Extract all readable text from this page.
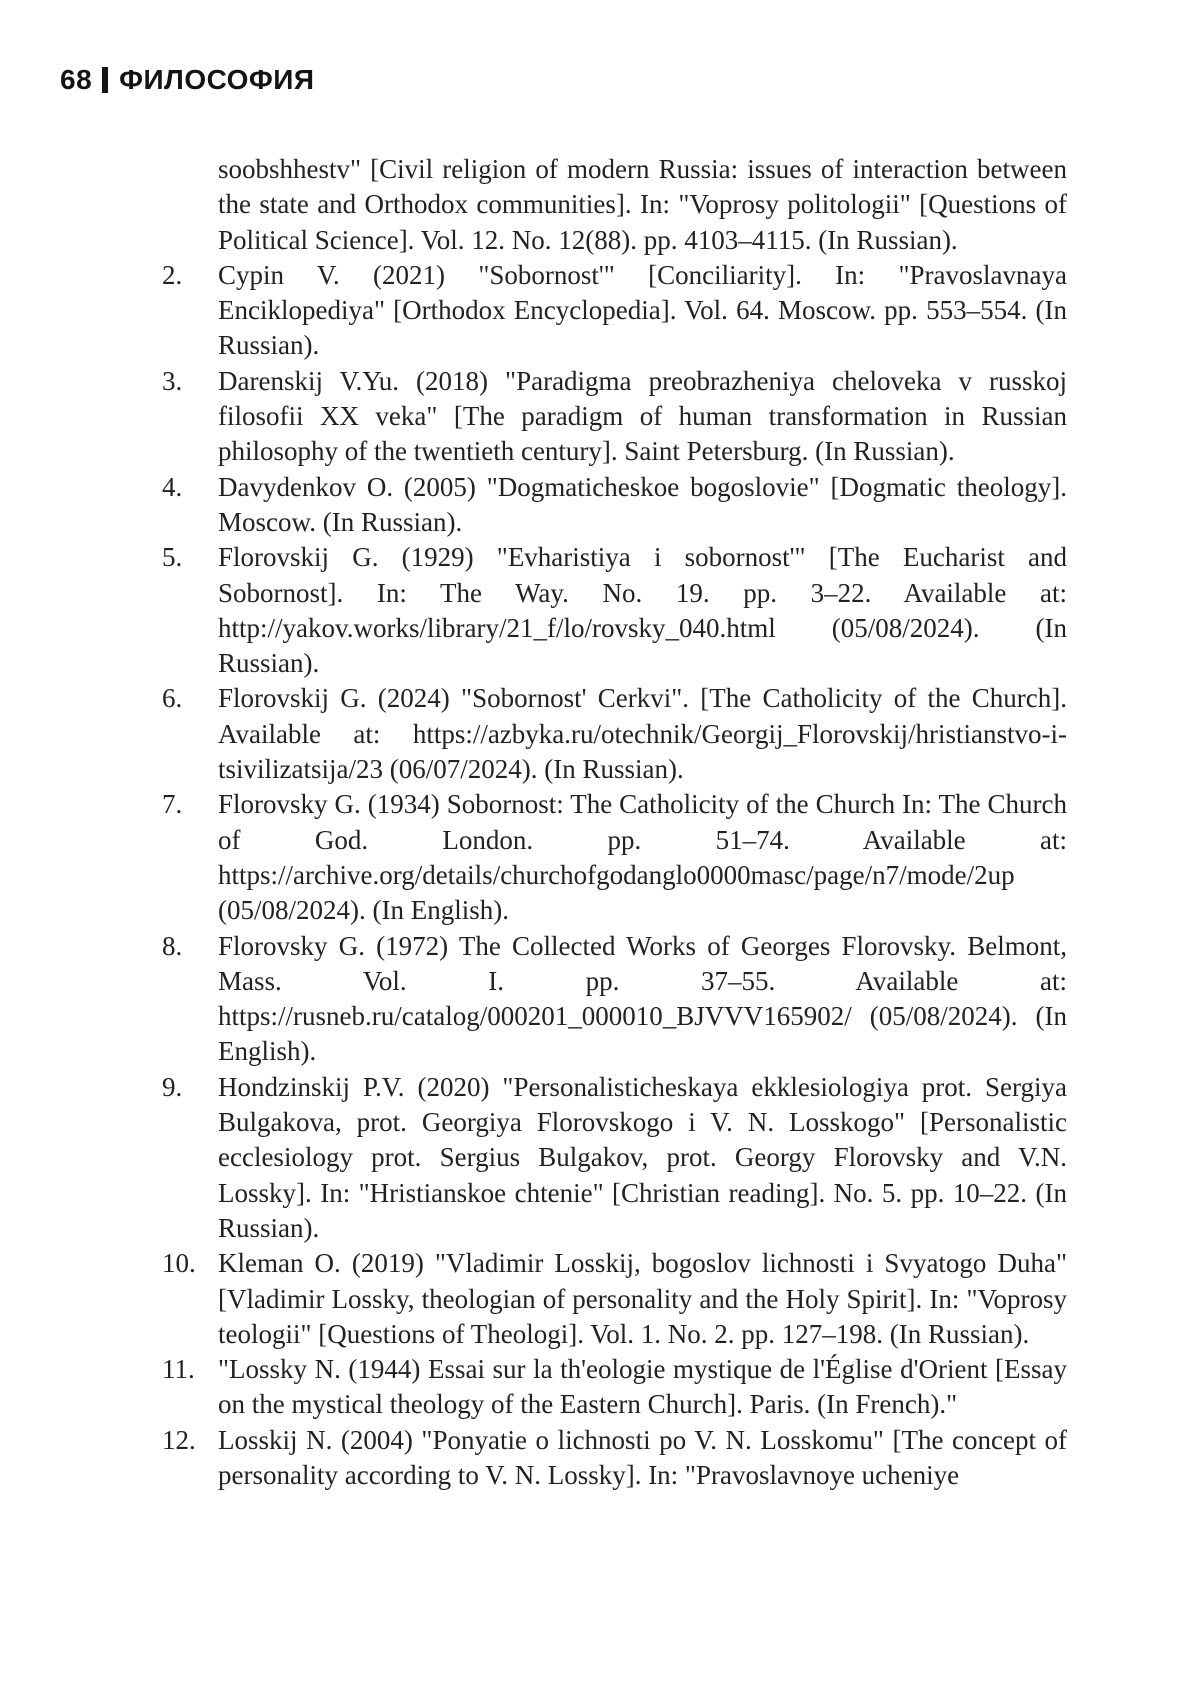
68 ФИЛОСОФИЯ
soobshhestv" [Civil religion of modern Russia: issues of interaction between the state and Orthodox communities]. In: "Voprosy politologii" [Questions of Political Science]. Vol. 12. No. 12(88). pp. 4103–4115. (In Russian).
2.	Cypin V. (2021) "Sobornost'" [Conciliarity]. In: "Pravoslavnaya Enciklopediya" [Orthodox Encyclopedia]. Vol. 64. Moscow. pp. 553–554. (In Russian).
3.	Darenskij V.Yu. (2018) "Paradigma preobrazheniya cheloveka v russkoj filosofii XX veka" [The paradigm of human transformation in Russian philosophy of the twentieth century]. Saint Petersburg. (In Russian).
4.	Davydenkov O. (2005) "Dogmaticheskoe bogoslovie" [Dogmatic theology]. Moscow. (In Russian).
5.	Florovskij G. (1929) "Evharistiya i sobornost'" [The Eucharist and Sobornost]. In: The Way. No. 19. pp. 3–22. Available at: http://yakov.works/library/21_f/lo/rovsky_040.html (05/08/2024). (In Russian).
6.	Florovskij G. (2024) "Sobornost' Cerkvi". [The Catholicity of the Church]. Available at: https://azbyka.ru/otechnik/Georgij_Florovskij/hristianstvo-i-tsivilizatsija/23 (06/07/2024). (In Russian).
7.	Florovsky G. (1934) Sobornost: The Catholicity of the Church In: The Church of God. London. pp. 51–74. Available at: https://archive.org/details/churchofgodanglo0000masc/page/n7/mode/2up (05/08/2024). (In English).
8.	Florovsky G. (1972) The Collected Works of Georges Florovsky. Belmont, Mass. Vol. I. pp. 37–55. Available at: https://rusneb.ru/catalog/000201_000010_BJVVV165902/ (05/08/2024). (In English).
9.	Hondzinskij P.V. (2020) "Personalisticheskaya ekklesiologiya prot. Sergiya Bulgakova, prot. Georgiya Florovskogo i V. N. Losskogo" [Personalistic ecclesiology prot. Sergius Bulgakov, prot. Georgy Florovsky and V.N. Lossky]. In: "Hristianskoe chtenie" [Christian reading]. No. 5. pp. 10–22. (In Russian).
10. Kleman O. (2019) "Vladimir Losskij, bogoslov lichnosti i Svyatogo Duha" [Vladimir Lossky, theologian of personality and the Holy Spirit]. In: "Voprosy teologii" [Questions of Theologi]. Vol. 1. No. 2. pp. 127–198. (In Russian).
11. "Lossky N. (1944) Essai sur la th'eologie mystique de l'Église d'Orient [Essay on the mystical theology of the Eastern Church]. Paris. (In French)."
12. Losskij N. (2004) "Ponyatie o lichnosti po V. N. Losskomu" [The concept of personality according to V. N. Lossky]. In: "Pravoslavnoye ucheniye
